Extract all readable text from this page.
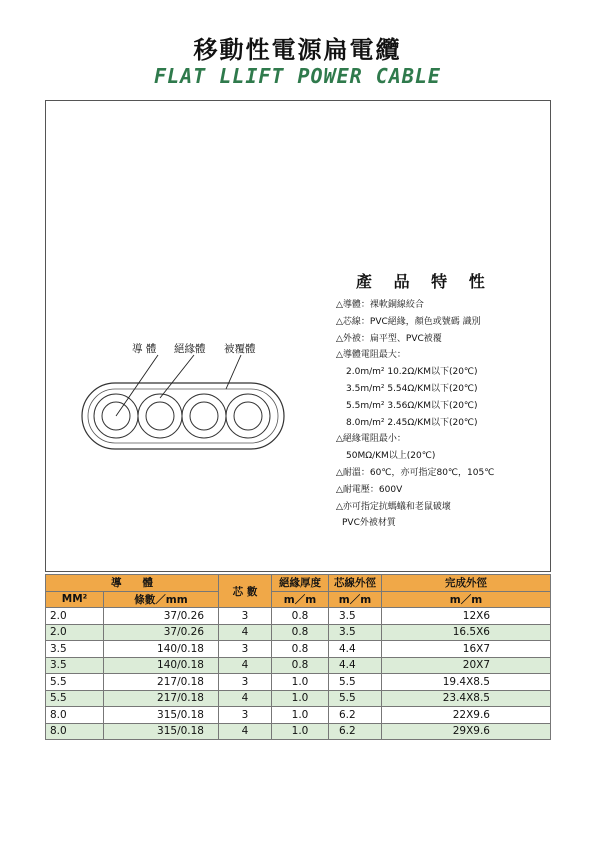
移動性電源扁電纜
FLAT LLIFT POWER CABLE
產 品 特 性
△導體：裸軟銅線絞合
△芯線：PVC絕緣，顏色或號碼 識別
△外被：扁平型、PVC被覆
△導體電阻最大：
2.0m/m² 10.2Ω/KM以下(20℃)
3.5m/m² 5.54Ω/KM以下(20℃)
5.5m/m² 3.56Ω/KM以下(20℃)
8.0m/m² 2.45Ω/KM以下(20℃)
△絕緣電阻最小：
50MΩ/KM以上(20℃)
△耐溫：60℃，亦可指定80℃，105℃
△耐電壓：600V
△亦可指定抗螞蟻和老鼠破壞
PVC外被材質
導 體 絕緣體 被覆體
導　　體		芯 數	絕緣厚度	芯線外徑	完成外徑
MM²	條數／mm		m／m	m／m	m／m
2.0	37/0.26	3	0.8	3.5	12X6
2.0	37/0.26	4	0.8	3.5	16.5X6
3.5	140/0.18	3	0.8	4.4	16X7
3.5	140/0.18	4	0.8	4.4	20X7
5.5	217/0.18	3	1.0	5.5	19.4X8.5
5.5	217/0.18	4	1.0	5.5	23.4X8.5
8.0	315/0.18	3	1.0	6.2	22X9.6
8.0	315/0.18	4	1.0	6.2	29X9.6
